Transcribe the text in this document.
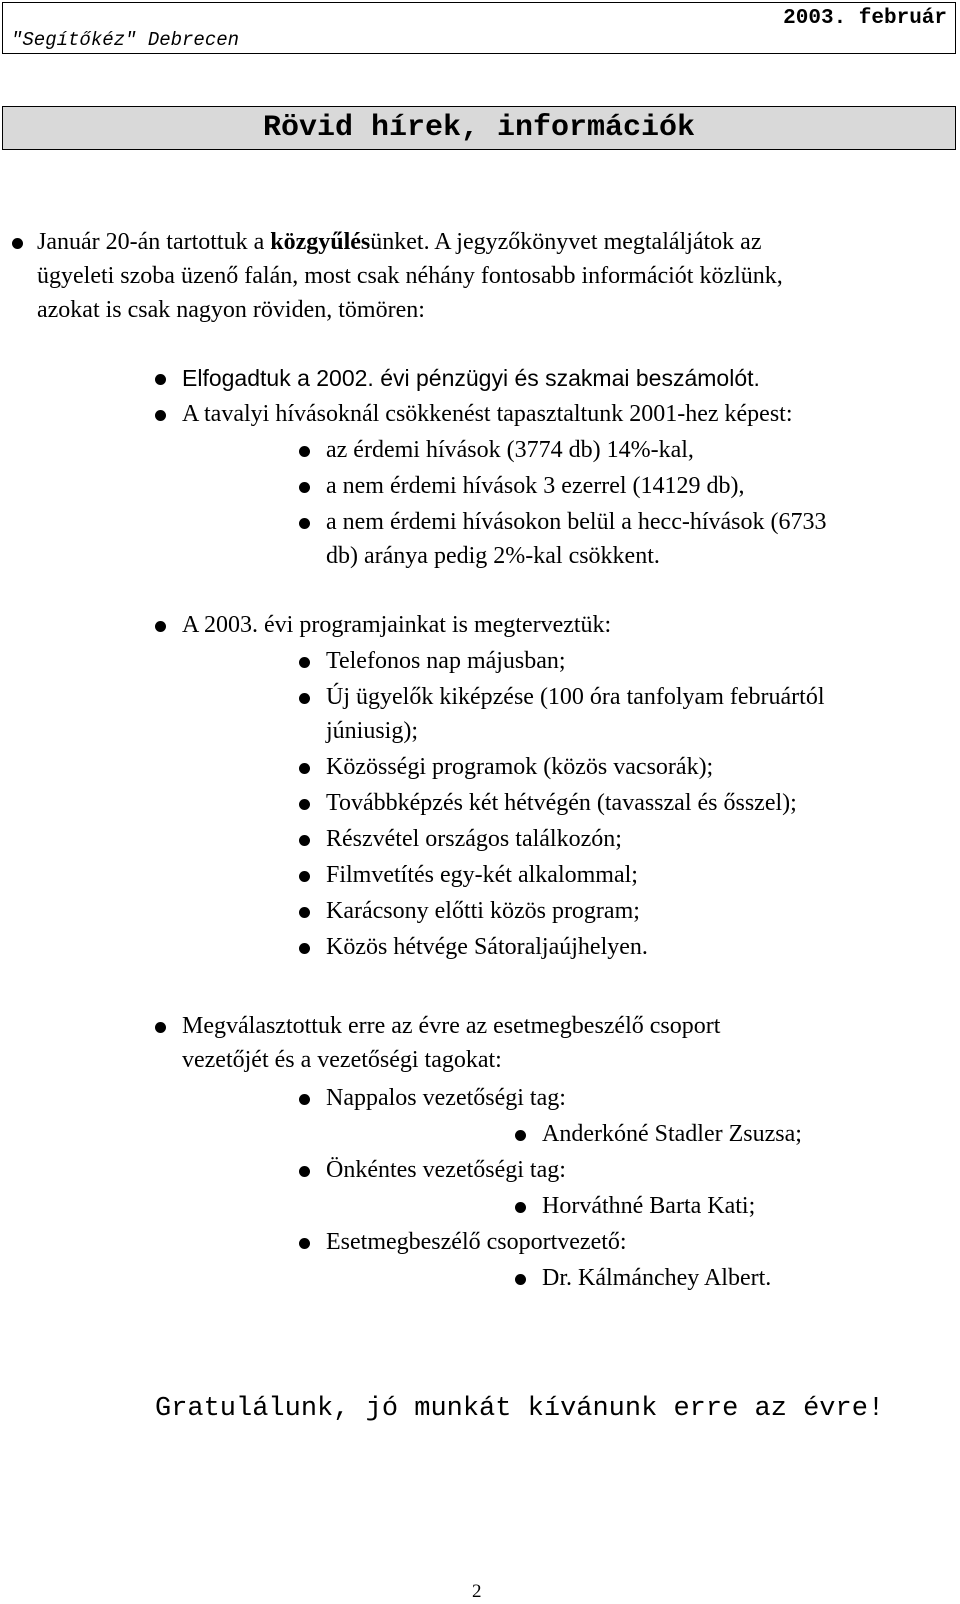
"Segítőkéz" Debrecen
2003. február
Rövid hírek, információk
Január 20-án tartottuk a közgyűlésünket. A jegyzőkönyvet megtaláljátok az
ügyeleti szoba üzenő falán, most csak néhány fontosabb információt közlünk,
azokat is csak nagyon röviden, tömören:
Elfogadtuk a 2002. évi pénzügyi és szakmai beszámolót.
A tavalyi hívásoknál csökkenést tapasztaltunk 2001-hez képest:
az érdemi hívások (3774 db) 14%-kal,
a nem érdemi hívások 3 ezerrel (14129 db),
a nem érdemi hívásokon belül a hecc-hívások (6733
db) aránya pedig 2%-kal csökkent.
A 2003. évi programjainkat is megterveztük:
Telefonos nap májusban;
Új ügyelők kiképzése (100 óra tanfolyam februártól
júniusig);
Közösségi programok (közös vacsorák);
Továbbképzés két hétvégén (tavasszal és ősszel);
Részvétel országos találkozón;
Filmvetítés egy-két alkalommal;
Karácsony előtti közös program;
Közös hétvége Sátoraljaújhelyen.
Megválasztottuk erre az évre az esetmegbeszélő csoport
vezetőjét és a vezetőségi tagokat:
Nappalos vezetőségi tag:
Anderkóné Stadler Zsuzsa;
Önkéntes vezetőségi tag:
Horváthné Barta Kati;
Esetmegbeszélő csoportvezető:
Dr. Kálmánchey Albert.
Gratulálunk, jó munkát kívánunk erre az évre!
2
